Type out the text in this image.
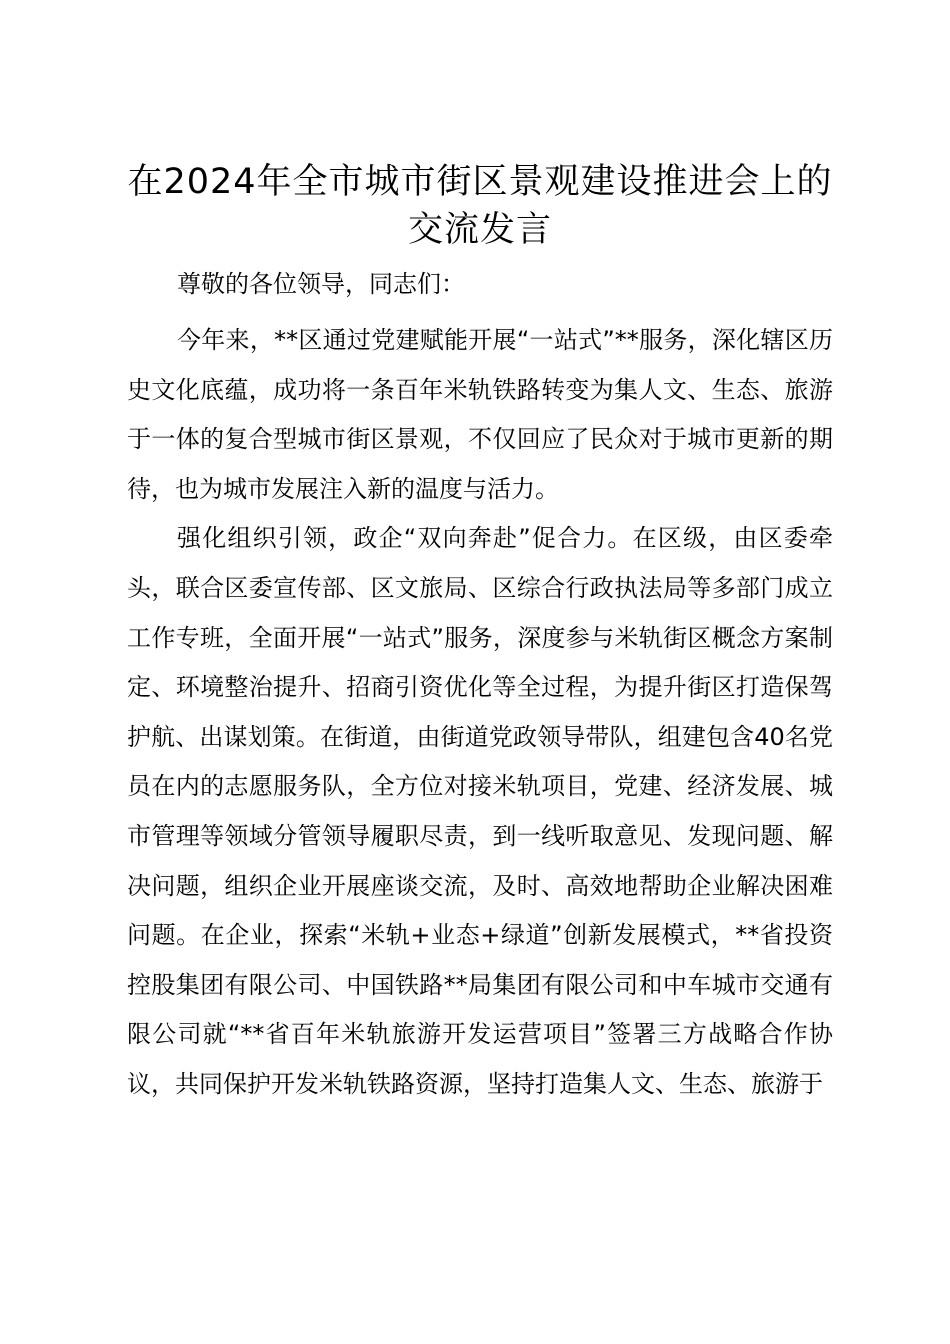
在2024年全市城市街区景观建设推进会上的交流发言

尊敬的各位领导，同志们：

今年来，**区通过党建赋能开展“一站式”**服务，深化辖区历史文化底蕴，成功将一条百年米轨铁路转变为集人文、生态、旅游于一体的复合型城市街区景观，不仅回应了民众对于城市更新的期待，也为城市发展注入新的温度与活力。

强化组织引领，政企“双向奔赴”促合力。在区级，由区委牵头，联合区委宣传部、区文旅局、区综合行政执法局等多部门成立工作专班，全面开展“一站式”服务，深度参与米轨街区概念方案制定、环境整治提升、招商引资优化等全过程，为提升街区打造保驾护航、出谋划策。在街道，由街道党政领导带队，组建包含40名党员在内的志愿服务队，全方位对接米轨项目，党建、经济发展、城市管理等领域分管领导履职尽责，到一线听取意见、发现问题、解决问题，组织企业开展座谈交流，及时、高效地帮助企业解决困难问题。在企业，探索“米轨+业态+绿道”创新发展模式，**省投资控股集团有限公司、中国铁路**局集团有限公司和中车城市交通有限公司就“**省百年米轨旅游开发运营项目”签署三方战略合作协议，共同保护开发米轨铁路资源，坚持打造集人文、生态、旅游于
